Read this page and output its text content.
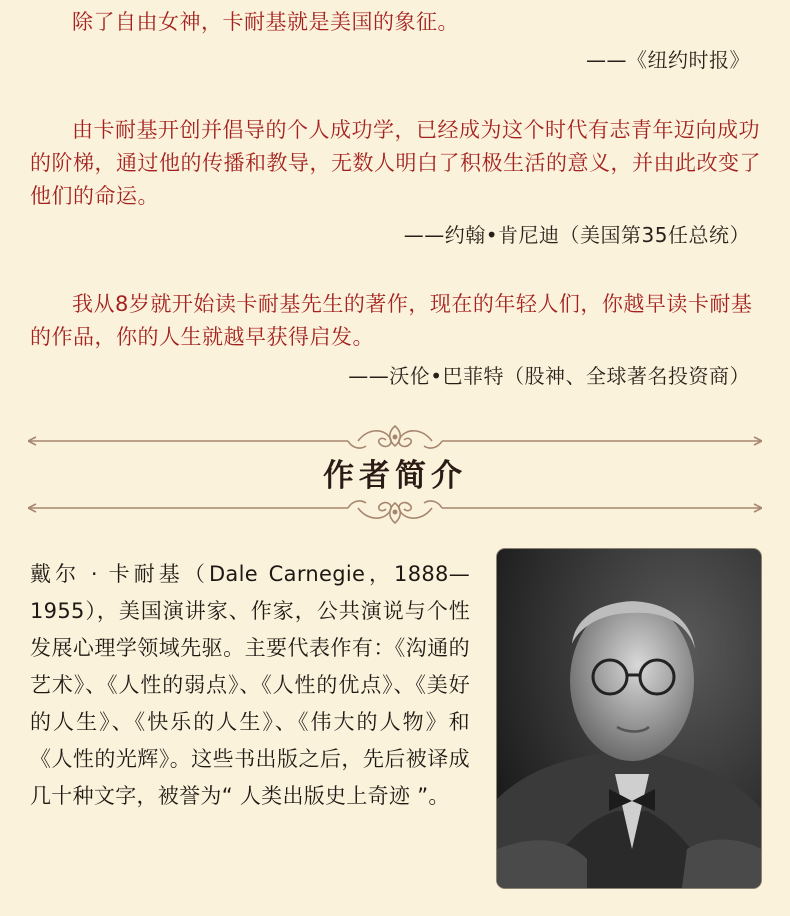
除了自由女神，卡耐基就是美国的象征。

——《纽约时报》

由卡耐基开创并倡导的个人成功学，已经成为这个时代有志青年迈向成功的阶梯，通过他的传播和教导，无数人明白了积极生活的意义，并由此改变了他们的命运。

——约翰•肯尼迪（美国第35任总统）

我从8岁就开始读卡耐基先生的著作，现在的年轻人们，你越早读卡耐基的作品，你的人生就越早获得启发。

——沃伦•巴菲特（股神、全球著名投资商）
作者简介

戴尔 · 卡耐基（Dale Carnegie，1888—1955），美国演讲家、作家，公共演说与个性发展心理学领域先驱。主要代表作有：《沟通的艺术》、《人性的弱点》、《人性的优点》、《美好的人生》、《快乐的人生》、《伟大的人物》和《人性的光辉》。这些书出版之后，先后被译成几十种文字，被誉为“ 人类出版史上奇迹 ”。
